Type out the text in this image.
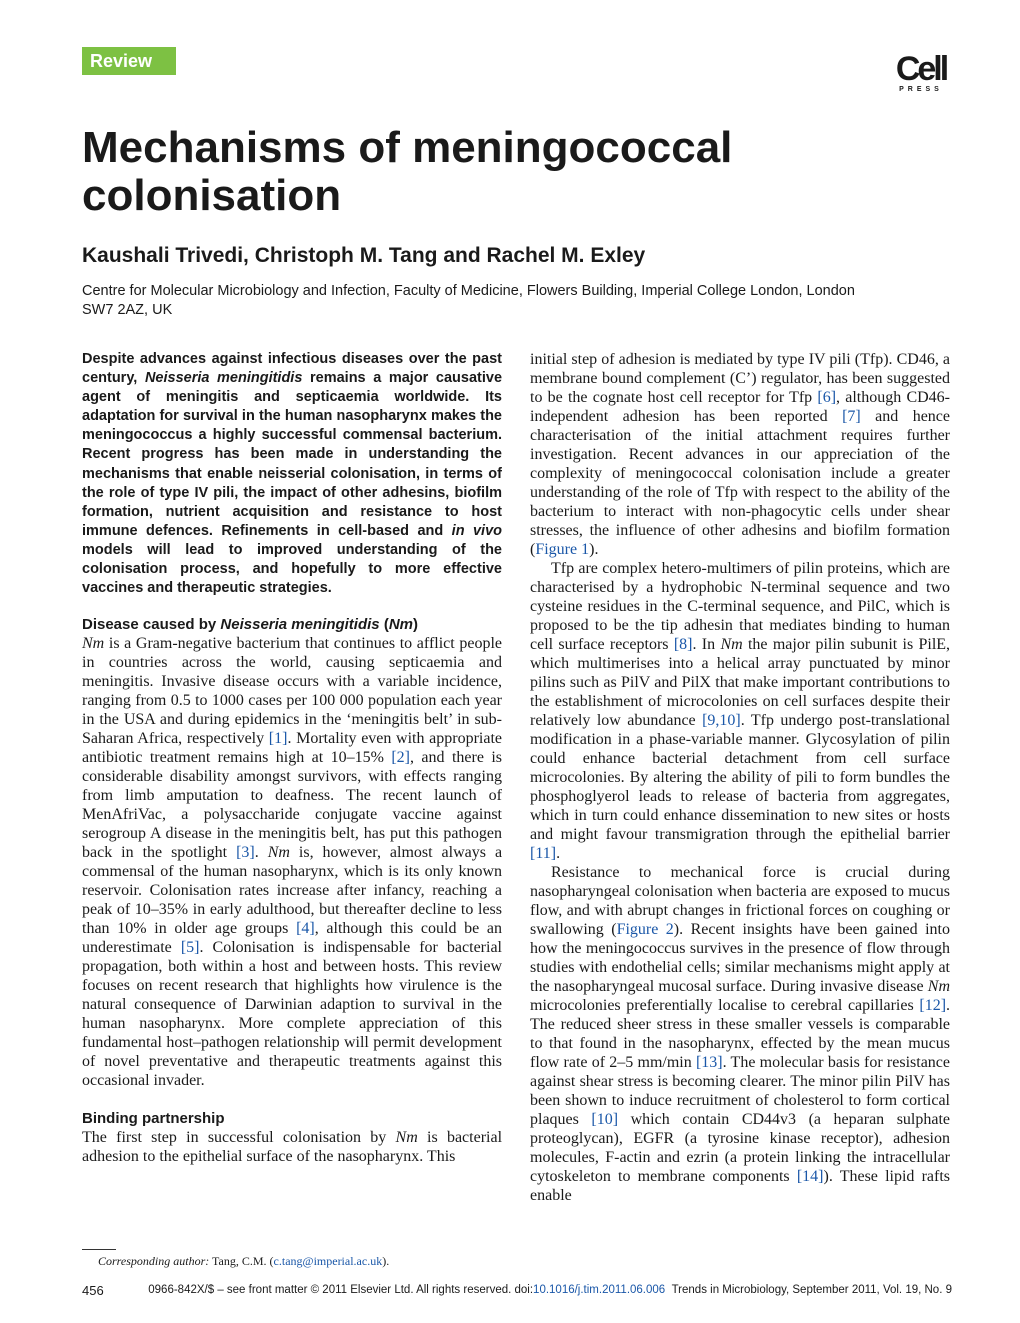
Review	Cell
PRESS
Mechanisms of meningococcal colonisation
Kaushali Trivedi, Christoph M. Tang and Rachel M. Exley
Centre for Molecular Microbiology and Infection, Faculty of Medicine, Flowers Building, Imperial College London, London SW7 2AZ, UK

Despite advances against infectious diseases over the past century, Neisseria meningitidis remains a major causative agent of meningitis and septicaemia worldwide. Its adaptation for survival in the human nasopharynx makes the meningococcus a highly successful commensal bacterium. Recent progress has been made in understanding the mechanisms that enable neisserial colonisation, in terms of the role of type IV pili, the impact of other adhesins, biofilm formation, nutrient acquisition and resistance to host immune defences. Refinements in cell-based and in vivo models will lead to improved understanding of the colonisation process, and hopefully to more effective vaccines and therapeutic strategies.

Disease caused by Neisseria meningitidis (Nm)

Nm is a Gram-negative bacterium that continues to afflict people in countries across the world, causing septicaemia and meningitis. Invasive disease occurs with a variable incidence, ranging from 0.5 to 1000 cases per 100 000 population each year in the USA and during epidemics in the ‘meningitis belt’ in sub-Saharan Africa, respectively [1]. Mortality even with appropriate antibiotic treatment remains high at 10–15% [2], and there is considerable disability amongst survivors, with effects ranging from limb amputation to deafness. The recent launch of MenAfriVac, a polysaccharide conjugate vaccine against serogroup A disease in the meningitis belt, has put this pathogen back in the spotlight [3]. Nm is, however, almost always a commensal of the human nasopharynx, which is its only known reservoir. Colonisation rates increase after infancy, reaching a peak of 10–35% in early adulthood, but thereafter decline to less than 10% in older age groups [4], although this could be an underestimate [5]. Colonisation is indispensable for bacterial propagation, both within a host and between hosts. This review focuses on recent research that highlights how virulence is the natural consequence of Darwinian adaption to survival in the human nasopharynx. More complete appreciation of this fundamental host–pathogen relationship will permit development of novel preventative and therapeutic treatments against this occasional invader.

Binding partnership

The first step in successful colonisation by Nm is bacterial adhesion to the epithelial surface of the nasopharynx. This

initial step of adhesion is mediated by type IV pili (Tfp). CD46, a membrane bound complement (C’) regulator, has been suggested to be the cognate host cell receptor for Tfp [6], although CD46-independent adhesion has been reported [7] and hence characterisation of the initial attachment requires further investigation. Recent advances in our appreciation of the complexity of meningococcal colonisation include a greater understanding of the role of Tfp with respect to the ability of the bacterium to interact with non-phagocytic cells under shear stresses, the influence of other adhesins and biofilm formation (Figure 1).

Tfp are complex hetero-multimers of pilin proteins, which are characterised by a hydrophobic N-terminal sequence and two cysteine residues in the C-terminal sequence, and PilC, which is proposed to be the tip adhesin that mediates binding to human cell surface receptors [8]. In Nm the major pilin subunit is PilE, which multimerises into a helical array punctuated by minor pilins such as PilV and PilX that make important contributions to the establishment of microcolonies on cell surfaces despite their relatively low abundance [9,10]. Tfp undergo post-translational modification in a phase-variable manner. Glycosylation of pilin could enhance bacterial detachment from cell surface microcolonies. By altering the ability of pili to form bundles the phosphoglyerol leads to release of bacteria from aggregates, which in turn could enhance dissemination to new sites or hosts and might favour transmigration through the epithelial barrier [11].

Resistance to mechanical force is crucial during nasopharyngeal colonisation when bacteria are exposed to mucus flow, and with abrupt changes in frictional forces on coughing or swallowing (Figure 2). Recent insights have been gained into how the meningococcus survives in the presence of flow through studies with endothelial cells; similar mechanisms might apply at the nasopharyngeal mucosal surface. During invasive disease Nm microcolonies preferentially localise to cerebral capillaries [12]. The reduced sheer stress in these smaller vessels is comparable to that found in the nasopharynx, effected by the mean mucus flow rate of 2–5 mm/min [13]. The molecular basis for resistance against shear stress is becoming clearer. The minor pilin PilV has been shown to induce recruitment of cholesterol to form cortical plaques [10] which contain CD44v3 (a heparan sulphate proteoglycan), EGFR (a tyrosine kinase receptor), adhesion molecules, F-actin and ezrin (a protein linking the intracellular cytoskeleton to membrane components [14]). These lipid rafts enable

Corresponding author: Tang, C.M. (c.tang@imperial.ac.uk).
456	0966-842X/$ – see front matter © 2011 Elsevier Ltd. All rights reserved. doi:10.1016/j.tim.2011.06.006 Trends in Microbiology, September 2011, Vol. 19, No. 9
